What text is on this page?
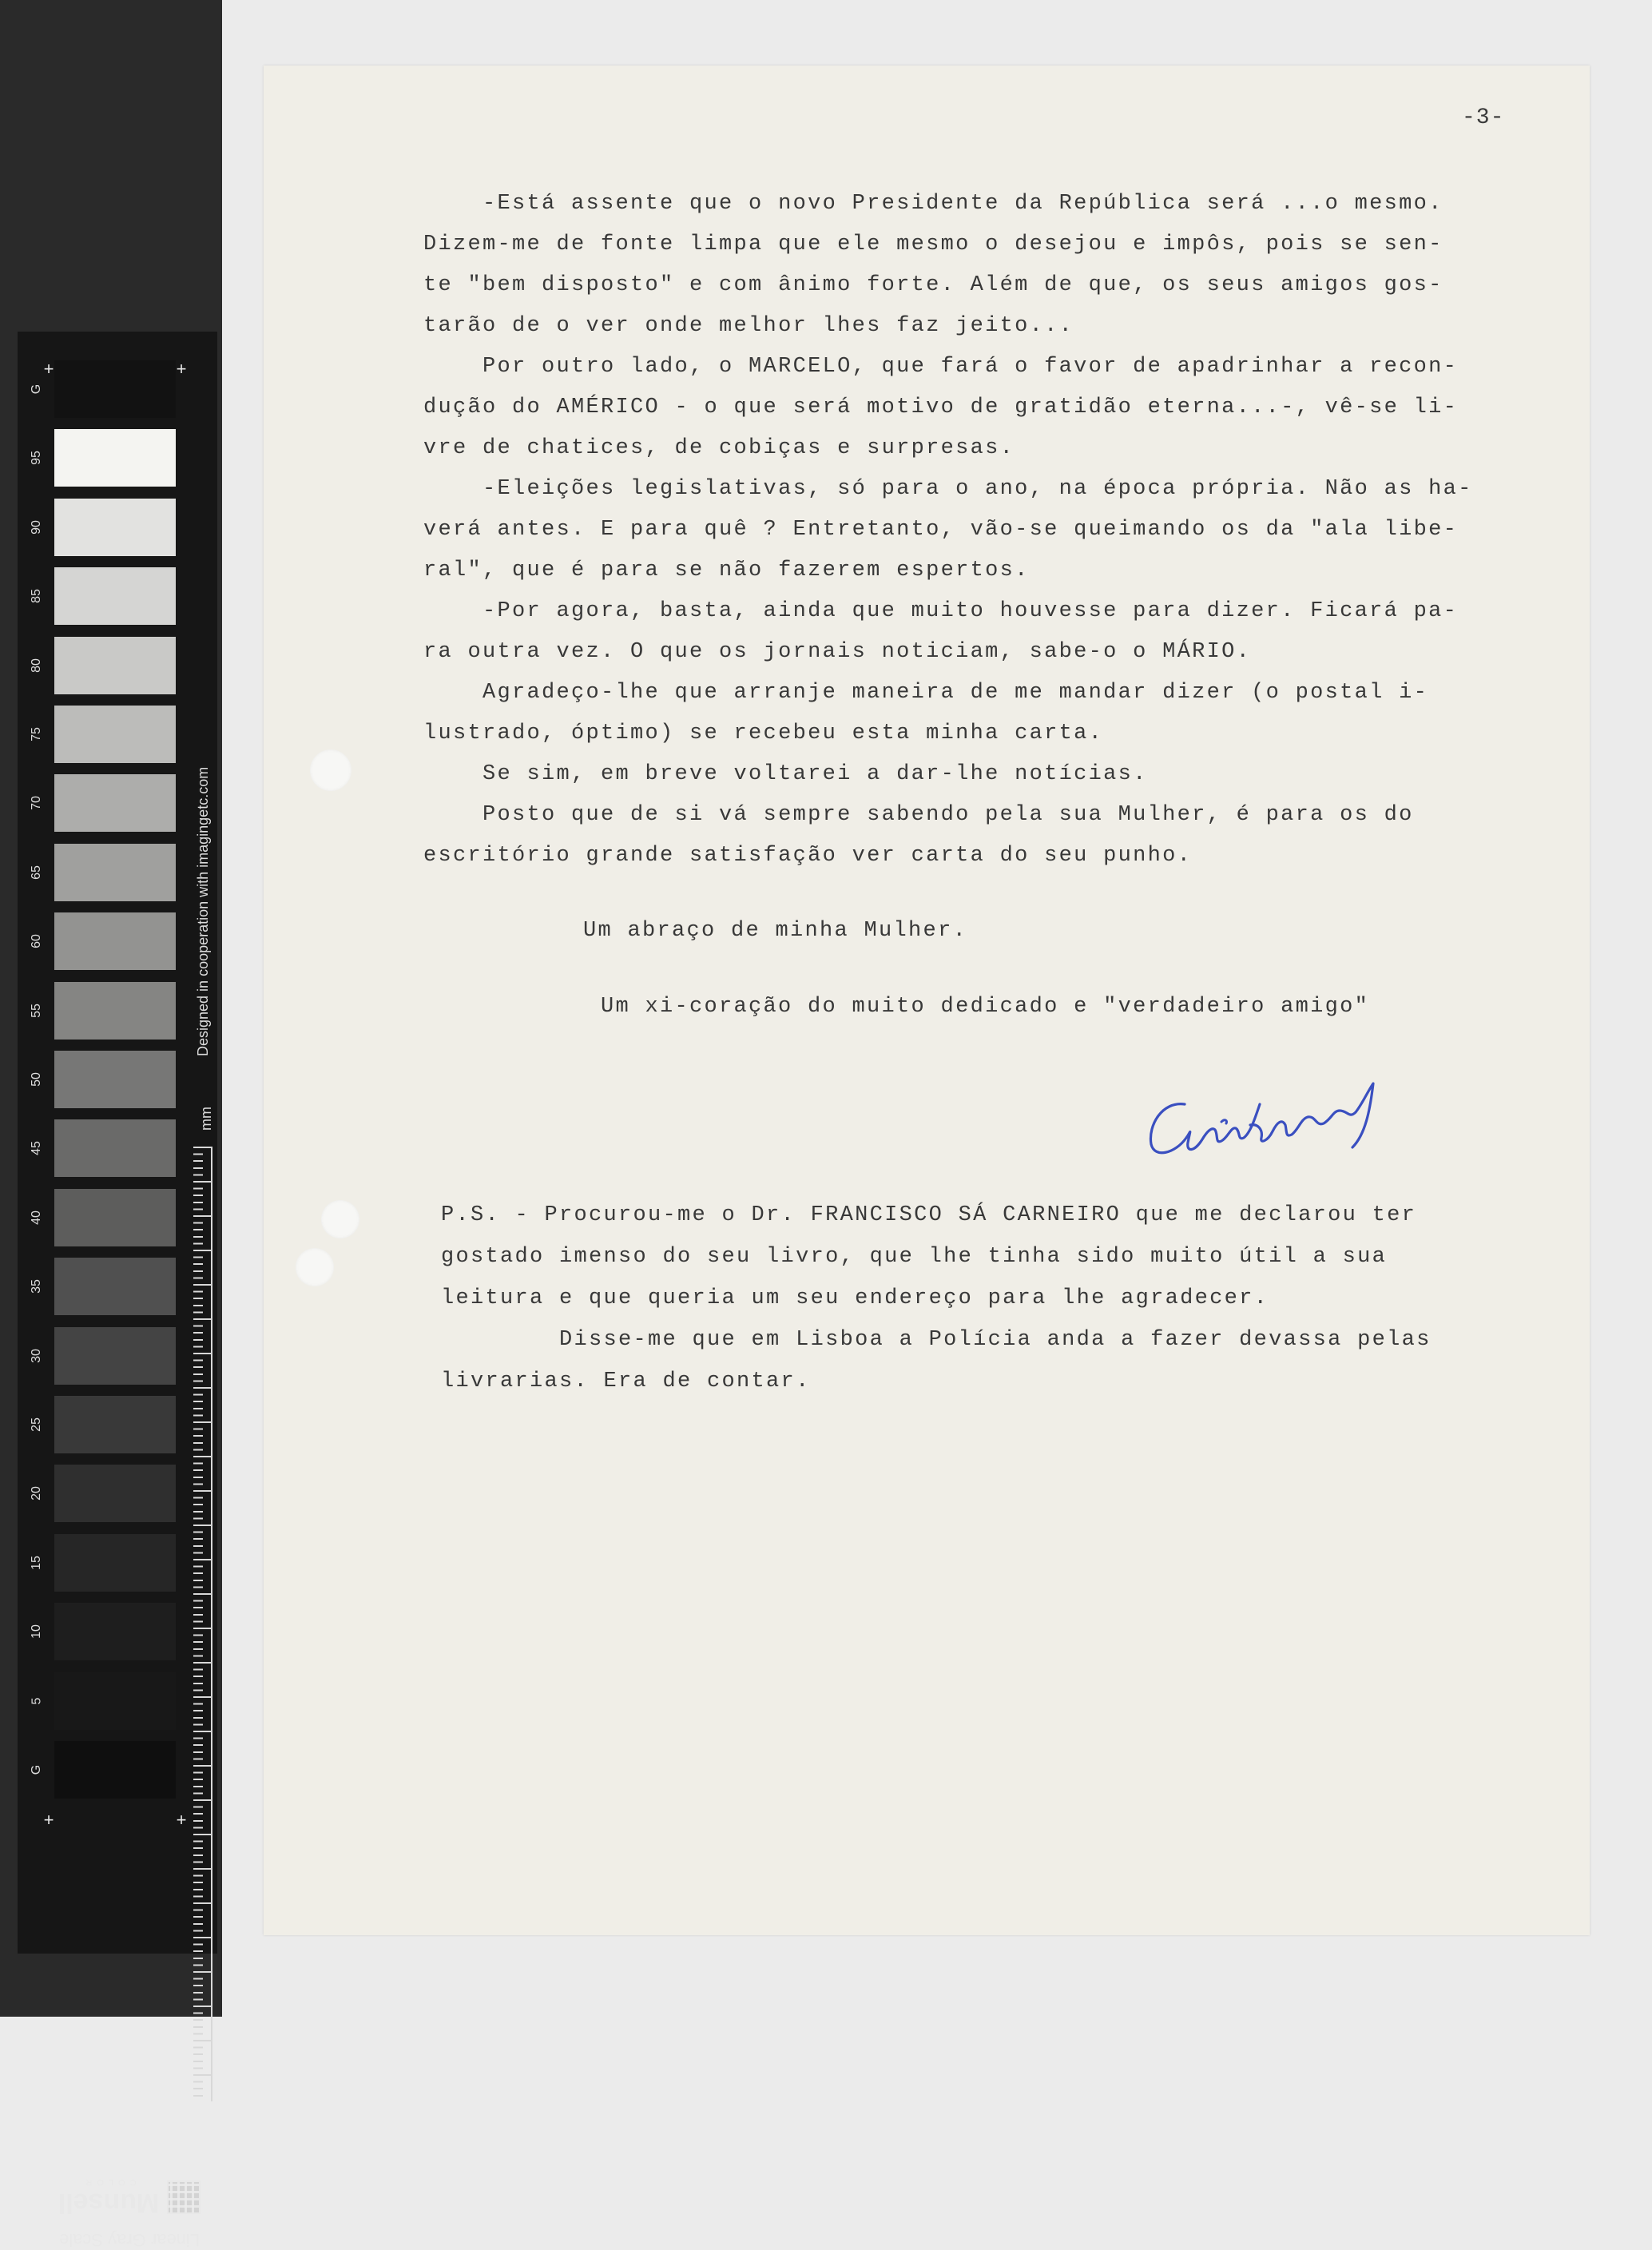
+	+
+	+
G
95
90
85
80
75
70
65
60
55
50
45
40
35
30
25
20
15
10
5
G
mm
Designed in cooperation with imagingetc.com
Linear Gray Scale
Munsell
COLOR
-3-

-Está assente que o novo Presidente da República será ...o mesmo.

Dizem-me de fonte limpa que ele mesmo o desejou e impôs, pois se sen-

te "bem disposto" e com ânimo forte. Além de que, os seus amigos gos-

tarão de o ver onde melhor lhes faz jeito...

Por outro lado, o MARCELO, que fará o favor de apadrinhar a recon-

dução do AMÉRICO - o que será motivo de gratidão eterna...-, vê-se li-

vre de chatices, de cobiças e surpresas.

-Eleições legislativas, só para o ano, na época própria. Não as ha-

verá antes. E para quê ? Entretanto, vão-se queimando os da "ala libe-

ral", que é para se não fazerem espertos.

-Por agora, basta, ainda que muito houvesse para dizer. Ficará pa-

ra outra vez. O que os jornais noticiam, sabe-o o MÁRIO.

Agradeço-lhe que arranje maneira de me mandar dizer (o postal i-

lustrado, óptimo) se recebeu esta minha carta.

Se sim, em breve voltarei a dar-lhe notícias.

Posto que de si vá sempre sabendo pela sua Mulher, é para os do

escritório grande satisfação ver carta do seu punho.

Um abraço de minha Mulher.
Um xi-coração do muito dedicado e "verdadeiro amigo"

P.S. - Procurou-me o Dr. FRANCISCO SÁ CARNEIRO que me declarou ter

gostado imenso do seu livro, que lhe tinha sido muito útil a sua

leitura e que queria um seu endereço para lhe agradecer.

Disse-me que em Lisboa a Polícia anda a fazer devassa pelas

livrarias. Era de contar.
